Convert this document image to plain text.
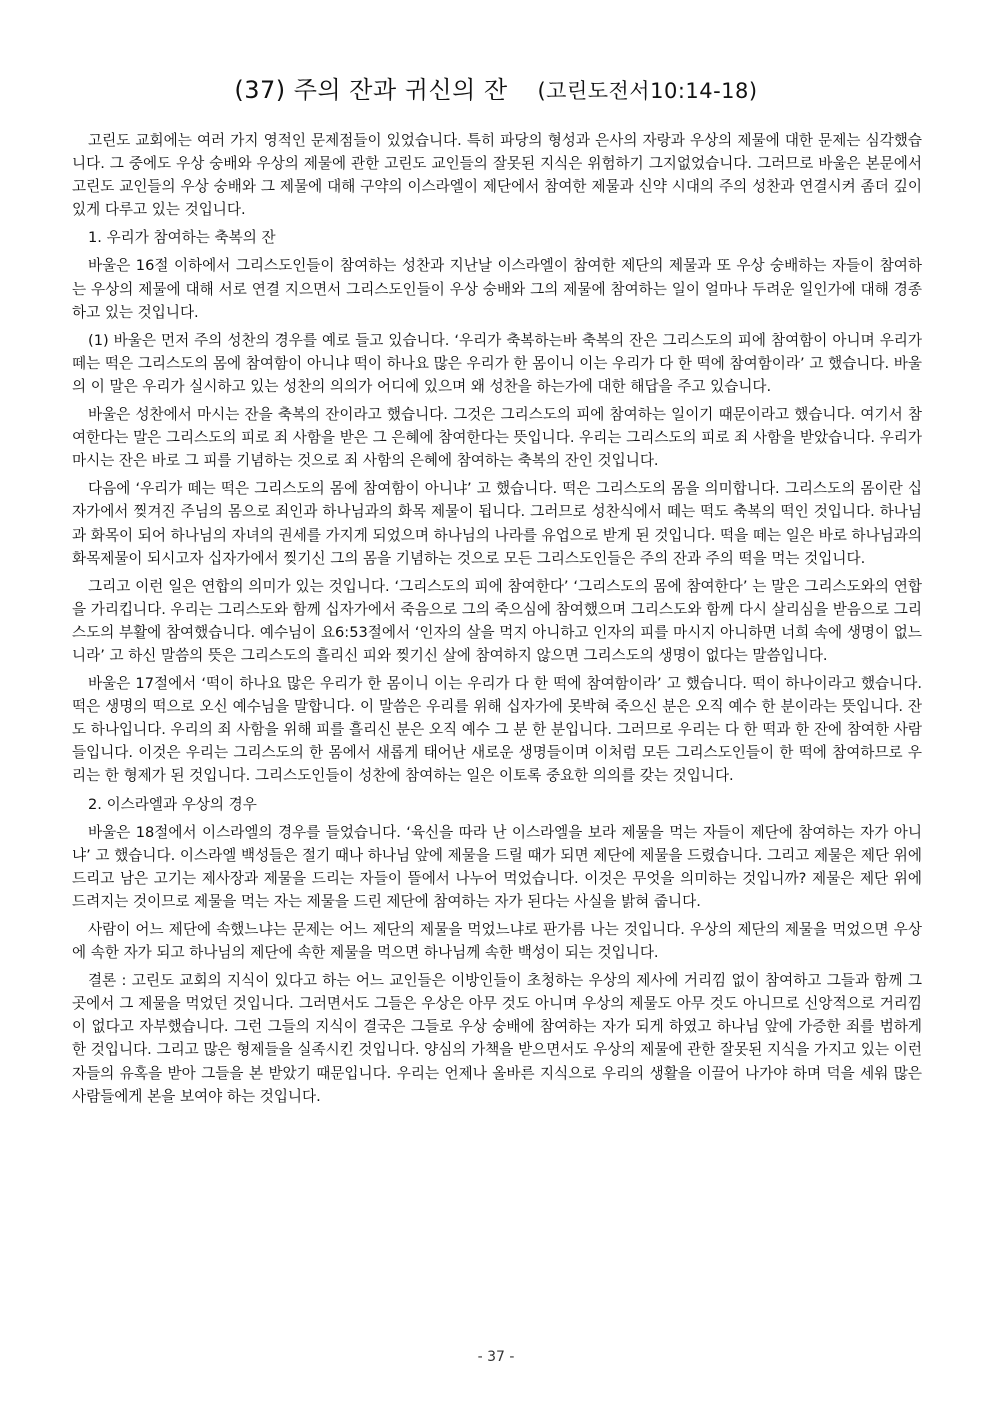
(37) 주의 잔과 귀신의 잔 (고린도전서10:14-18)

고린도 교회에는 여러 가지 영적인 문제점들이 있었습니다. 특히 파당의 형성과 은사의 자랑과 우상의 제물에 대한 문제는 심각했습니다. 그 중에도 우상 숭배와 우상의 제물에 관한 고린도 교인들의 잘못된 지식은 위험하기 그지없었습니다. 그러므로 바울은 본문에서 고린도 교인들의 우상 숭배와 그 제물에 대해 구약의 이스라엘이 제단에서 참여한 제물과 신약 시대의 주의 성찬과 연결시켜 좀더 깊이 있게 다루고 있는 것입니다.

1. 우리가 참여하는 축복의 잔

바울은 16절 이하에서 그리스도인들이 참여하는 성찬과 지난날 이스라엘이 참여한 제단의 제물과 또 우상 숭배하는 자들이 참여하는 우상의 제물에 대해 서로 연결 지으면서 그리스도인들이 우상 숭배와 그의 제물에 참여하는 일이 얼마나 두려운 일인가에 대해 경종하고 있는 것입니다.

(1) 바울은 먼저 주의 성찬의 경우를 예로 들고 있습니다. ‘우리가 축복하는바 축복의 잔은 그리스도의 피에 참여함이 아니며 우리가 떼는 떡은 그리스도의 몸에 참여함이 아니냐 떡이 하나요 많은 우리가 한 몸이니 이는 우리가 다 한 떡에 참여함이라’ 고 했습니다. 바울의 이 말은 우리가 실시하고 있는 성찬의 의의가 어디에 있으며 왜 성찬을 하는가에 대한 해답을 주고 있습니다.

바울은 성찬에서 마시는 잔을 축복의 잔이라고 했습니다. 그것은 그리스도의 피에 참여하는 일이기 때문이라고 했습니다. 여기서 참여한다는 말은 그리스도의 피로 죄 사함을 받은 그 은혜에 참여한다는 뜻입니다. 우리는 그리스도의 피로 죄 사함을 받았습니다. 우리가 마시는 잔은 바로 그 피를 기념하는 것으로 죄 사함의 은혜에 참여하는 축복의 잔인 것입니다.

다음에 ‘우리가 떼는 떡은 그리스도의 몸에 참여함이 아니냐’ 고 했습니다. 떡은 그리스도의 몸을 의미합니다. 그리스도의 몸이란 십자가에서 찢겨진 주님의 몸으로 죄인과 하나님과의 화목 제물이 됩니다. 그러므로 성찬식에서 떼는 떡도 축복의 떡인 것입니다. 하나님과 화목이 되어 하나님의 자녀의 권세를 가지게 되었으며 하나님의 나라를 유업으로 받게 된 것입니다. 떡을 떼는 일은 바로 하나님과의 화목제물이 되시고자 십자가에서 찢기신 그의 몸을 기념하는 것으로 모든 그리스도인들은 주의 잔과 주의 떡을 먹는 것입니다.

그리고 이런 일은 연합의 의미가 있는 것입니다. ‘그리스도의 피에 참여한다’ ‘그리스도의 몸에 참여한다’ 는 말은 그리스도와의 연합을 가리킵니다. 우리는 그리스도와 함께 십자가에서 죽음으로 그의 죽으심에 참여했으며 그리스도와 함께 다시 살리심을 받음으로 그리스도의 부활에 참여했습니다. 예수님이 요6:53절에서 ‘인자의 살을 먹지 아니하고 인자의 피를 마시지 아니하면 너희 속에 생명이 없느니라’ 고 하신 말씀의 뜻은 그리스도의 흘리신 피와 찢기신 살에 참여하지 않으면 그리스도의 생명이 없다는 말씀입니다.

바울은 17절에서 ‘떡이 하나요 많은 우리가 한 몸이니 이는 우리가 다 한 떡에 참여함이라’ 고 했습니다. 떡이 하나이라고 했습니다. 떡은 생명의 떡으로 오신 예수님을 말합니다. 이 말씀은 우리를 위해 십자가에 못박혀 죽으신 분은 오직 예수 한 분이라는 뜻입니다. 잔도 하나입니다. 우리의 죄 사함을 위해 피를 흘리신 분은 오직 예수 그 분 한 분입니다. 그러므로 우리는 다 한 떡과 한 잔에 참여한 사람들입니다. 이것은 우리는 그리스도의 한 몸에서 새롭게 태어난 새로운 생명들이며 이처럼 모든 그리스도인들이 한 떡에 참여하므로 우리는 한 형제가 된 것입니다. 그리스도인들이 성찬에 참여하는 일은 이토록 중요한 의의를 갖는 것입니다.

2. 이스라엘과 우상의 경우

바울은 18절에서 이스라엘의 경우를 들었습니다. ‘육신을 따라 난 이스라엘을 보라 제물을 먹는 자들이 제단에 참여하는 자가 아니냐’ 고 했습니다. 이스라엘 백성들은 절기 때나 하나님 앞에 제물을 드릴 때가 되면 제단에 제물을 드렸습니다. 그리고 제물은 제단 위에 드리고 남은 고기는 제사장과 제물을 드리는 자들이 뜰에서 나누어 먹었습니다. 이것은 무엇을 의미하는 것입니까? 제물은 제단 위에 드려지는 것이므로 제물을 먹는 자는 제물을 드린 제단에 참여하는 자가 된다는 사실을 밝혀 줍니다.

사람이 어느 제단에 속했느냐는 문제는 어느 제단의 제물을 먹었느냐로 판가름 나는 것입니다. 우상의 제단의 제물을 먹었으면 우상에 속한 자가 되고 하나님의 제단에 속한 제물을 먹으면 하나님께 속한 백성이 되는 것입니다.

결론 : 고린도 교회의 지식이 있다고 하는 어느 교인들은 이방인들이 초청하는 우상의 제사에 거리낌 없이 참여하고 그들과 함께 그곳에서 그 제물을 먹었던 것입니다. 그러면서도 그들은 우상은 아무 것도 아니며 우상의 제물도 아무 것도 아니므로 신앙적으로 거리낌이 없다고 자부했습니다. 그런 그들의 지식이 결국은 그들로 우상 숭배에 참여하는 자가 되게 하였고 하나님 앞에 가증한 죄를 범하게 한 것입니다. 그리고 많은 형제들을 실족시킨 것입니다. 양심의 가책을 받으면서도 우상의 제물에 관한 잘못된 지식을 가지고 있는 이런 자들의 유혹을 받아 그들을 본 받았기 때문입니다. 우리는 언제나 올바른 지식으로 우리의 생활을 이끌어 나가야 하며 덕을 세워 많은 사람들에게 본을 보여야 하는 것입니다.

- 37 -
